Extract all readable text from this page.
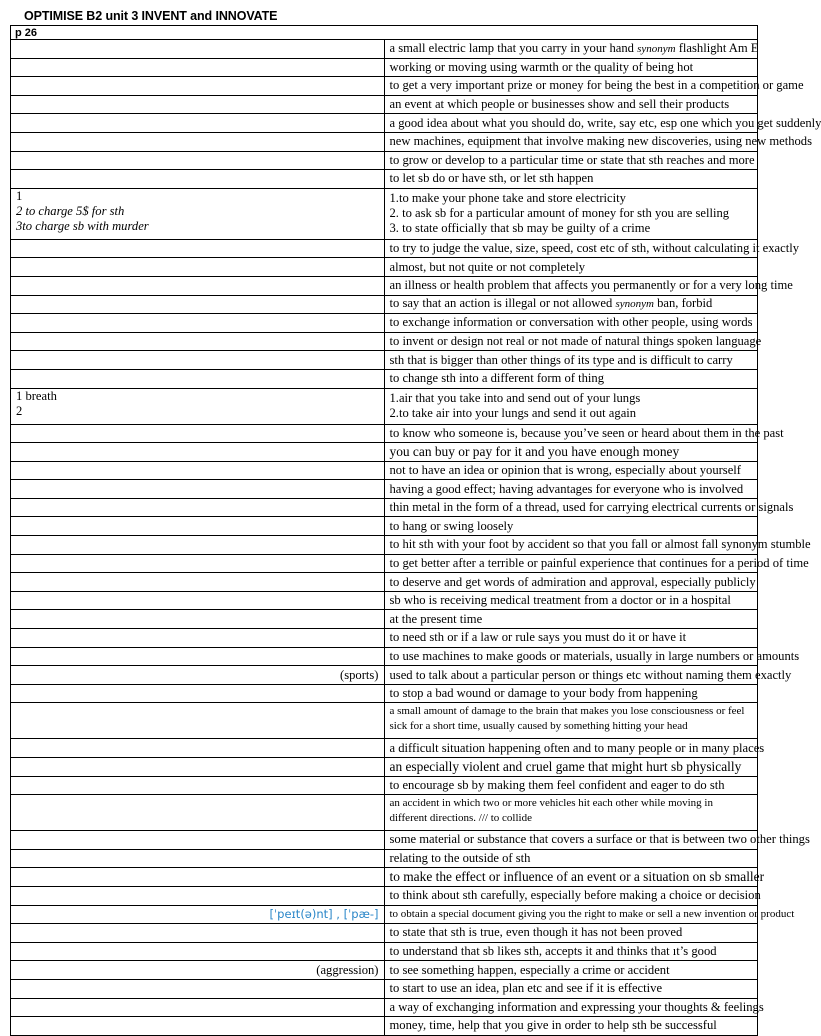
OPTIMISE B2 unit 3 INVENT and INNOVATE
p 26	
	a small electric lamp that you carry in your hand synonym flashlight Am E
	working or moving using warmth or the quality of being hot
	to get a very important prize or money for being the best in a competition or game
	an event at which people or businesses show and sell their products
	a good idea about what you should do, write, say etc, esp one which you get suddenly
	new machines, equipment that involve making new discoveries, using new methods
	to grow or develop to a particular time or state that sth reaches and more
	to let sb do or have sth, or let sth happen

1
2 to charge 5$ for sth
3to charge sb with murder	1.to make your phone take and store electricity
2. to ask sb for a particular amount of money for sth you are selling
3. to state officially that sb may be guilty of a crime

	to try to judge the value, size, speed, cost etc of sth, without calculating it exactly
	almost, but not quite or not completely
	an illness or health problem that affects you permanently or for a very long time
	to say that an action is illegal or not allowed synonym ban, forbid
	to exchange information or conversation with other people, using words
	to invent or design not real or not made of natural things spoken language
	sth that is bigger than other things of its type and is difficult to carry
	to change sth into a different form of thing

1 breath
2	1.air that you take into and send out of your lungs
2.to take air into your lungs and send it out again

	to know who someone is, because you’ve seen or heard about them in the past
	you can buy or pay for it and you have enough money
	not to have an idea or opinion that is wrong, especially about yourself
	having a good effect; having advantages for everyone who is involved
	thin metal in the form of a thread, used for carrying electrical currents or signals
	to hang or swing loosely
	to hit sth with your foot by accident so that you fall or almost fall synonym stumble
	to get better after a terrible or painful experience that continues for a period of time
	to deserve and get words of admiration and approval, especially publicly
	sb who is receiving medical treatment from a doctor or in a hospital
	at the present time
	to need sth or if a law or rule says you must do it or have it
	to use machines to make goods or materials, usually in large numbers or amounts
(sports)	used to talk about a particular person or things etc without naming them exactly
	to stop a bad wound or damage to your body from happening
	a small amount of damage to the brain that makes you lose consciousness or feel sick for a short time, usually caused by something hitting your head
	a difficult situation happening often and to many people or in many places
	an especially violent and cruel game that might hurt sb physically
	to encourage sb by making them feel confident and eager to do sth
	an accident in which two or more vehicles hit each other while moving in different directions. /// to collide
	some material or substance that covers a surface or that is between two other things
	relating to the outside of sth
	to make the effect or influence of an event or a situation on sb smaller
	to think about sth carefully, especially before making a choice or decision
[ˈpeɪt(ə)nt] , [ˈpæ-]	to obtain a special document giving you the right to make or sell a new invention or product
	to state that sth is true, even though it has not been proved
	to understand that sb likes sth, accepts it and thinks that ıt’s good
(aggression)	to see something happen, especially a crime or accident
	to start to use an idea, plan etc and see if it is effective
	a way of exchanging information and expressing your thoughts & feelings
	money, time, help that you give in order to help sth be successful
